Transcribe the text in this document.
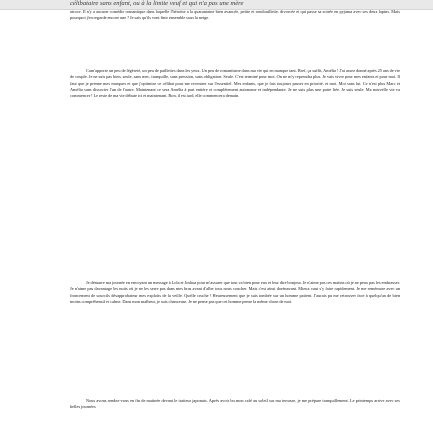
célibataire sans enfant, ou à la limite veuf et qui n'a pas une mère

atroce. Il n'y a aucune comédie romantique dans laquelle l'héroïne a la quarantaine bien avancée, petite et rondouillette, divorcée et qui passe sa soirée en pyjama avec ses deux lapins. Mais pourquoi j'en regarde encore une ? Je sais qu'ils vont finir ensemble sous la neige.

Cam'apporte un peu de légèreté, un peu de paillettes dans les yeux. Un peu de romantisme dans ma vie qui en manque tant. Bref, ça suffit, Amélia ! J'ai assez donné après 25 ans de vie de couple. Je ne suis pas bien, seule, sans mec, tranquille, sans pression, sans obligation. Seule. C'est terminé pour moi. On ne m'y reprendra plus. Je vais vivre pour mes enfants et pour moi. Il faut que je prenne mes marques et que j'optimise ce célibat pour me recentrer sur l'essentiel. Mes enfants, que je fais toujours passer en priorité, et moi. Moi sans lui. Ce n'est plus Marc et Amélia sans dissocier l'un de l'autre. Maintenant ce sera Amélia à part entière et complètement autonome et indépendante. Je ne suis plus une paire liée. Je suis seule. Ma nouvelle vie va commencer ! Le reste de ma vie débute ici et maintenant. Bon, il est tard, elle commencera demain.

Je démarre ma journée en envoyant un message à Lola et Joshua pour m'assurer que tout va bien pour eux et leur dire bonjour. Je n'aime pas ces matins où je ne peux pas les embrasser. Je n'aime pas davantage les nuits où je ne les serre pas dans mes bras avant d'aller tous nous coucher. Mais c'est ainsi dorénavant. Mieux vaut s'y faire rapidement. Je me remémore avec un froncement de sourcils désapprobateur mes exploits de la veille. Quelle cruche ! Heureusement que je suis tombée sur un homme patient. J'aurais pu me retrouver face à quelqu'un de bien moins compréhensif et calme. Dans mon malheur, je suis chanceuse. Je ne pense pas que cet homme pense la même chose de moi.

Nous avons rendez-vous en fin de matinée devant le traiteur japonais. Après avoir bu mon café au soleil sur ma terrasse, je me prépare tranquillement. Le printemps arrive avec ses belles journées
